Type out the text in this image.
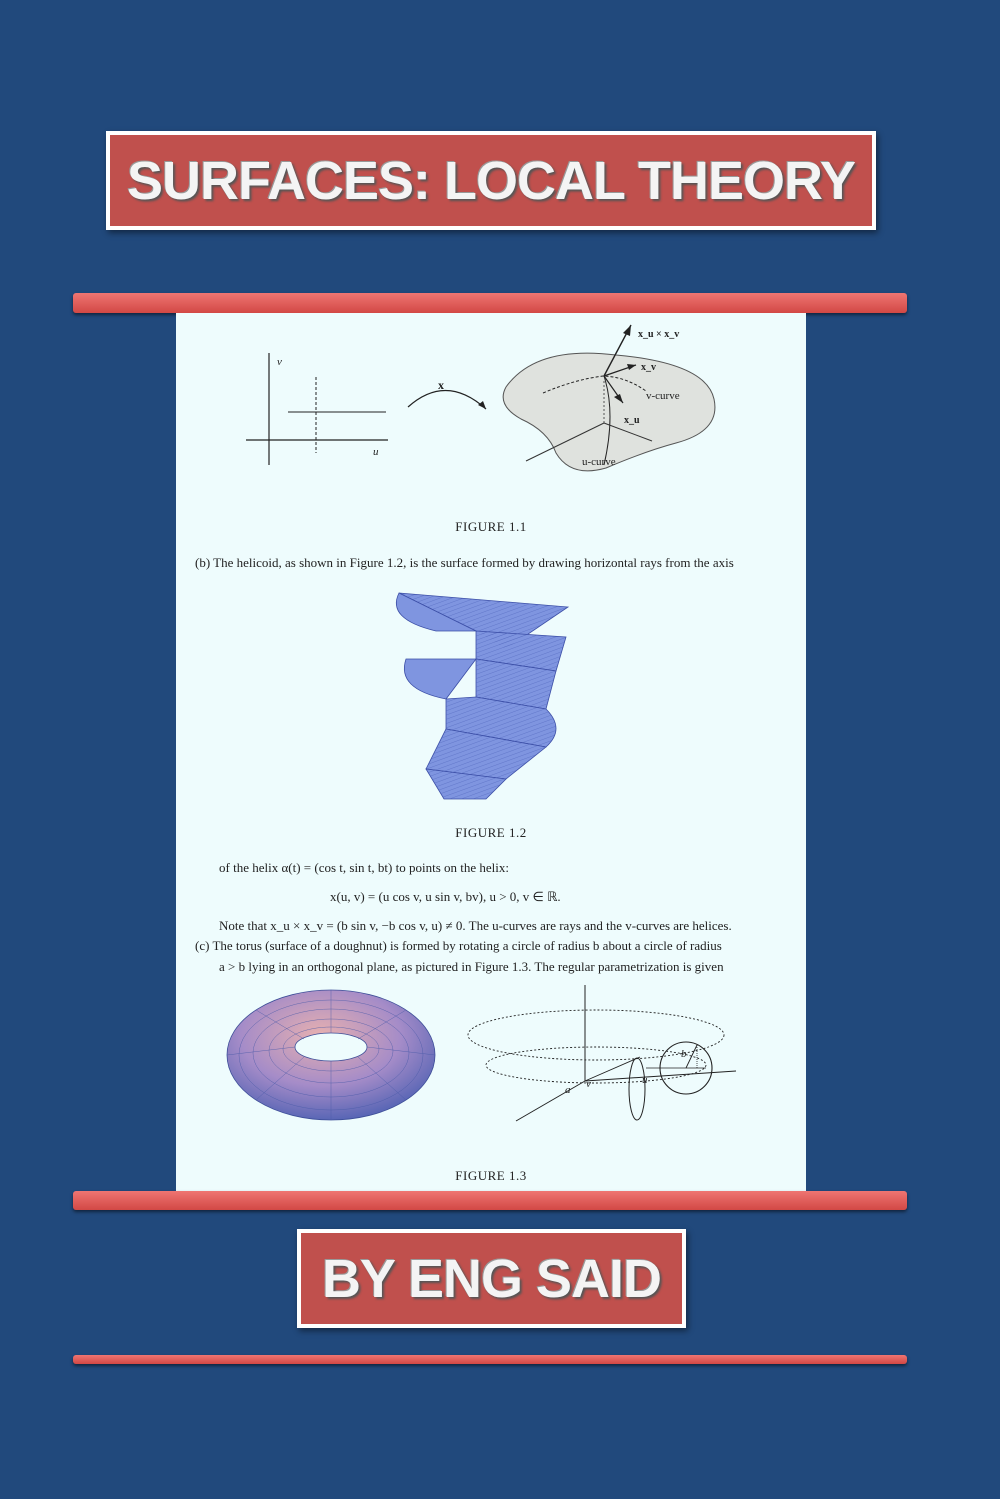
SURFACES: LOCAL THEORY
v
u
x
x_u × x_v
x_v
x_u
v-curve
u-curve
FIGURE 1.1
(b) The helicoid, as shown in Figure 1.2, is the surface formed by drawing horizontal rays from the axis
FIGURE 1.2
of the helix α(t) = (cos t, sin t, bt) to points on the helix:
x(u, v) = (u cos v, u sin v, bv), u > 0, v ∈ ℝ.
Note that x_u × x_v = (b sin v, −b cos v, u) ≠ 0. The u-curves are rays and the v-curves are helices.
(c) The torus (surface of a doughnut) is formed by rotating a circle of radius b about a circle of radius
a > b lying in an orthogonal plane, as pictured in Figure 1.3. The regular parametrization is given
a v	u
b
FIGURE 1.3
BY ENG SAID
